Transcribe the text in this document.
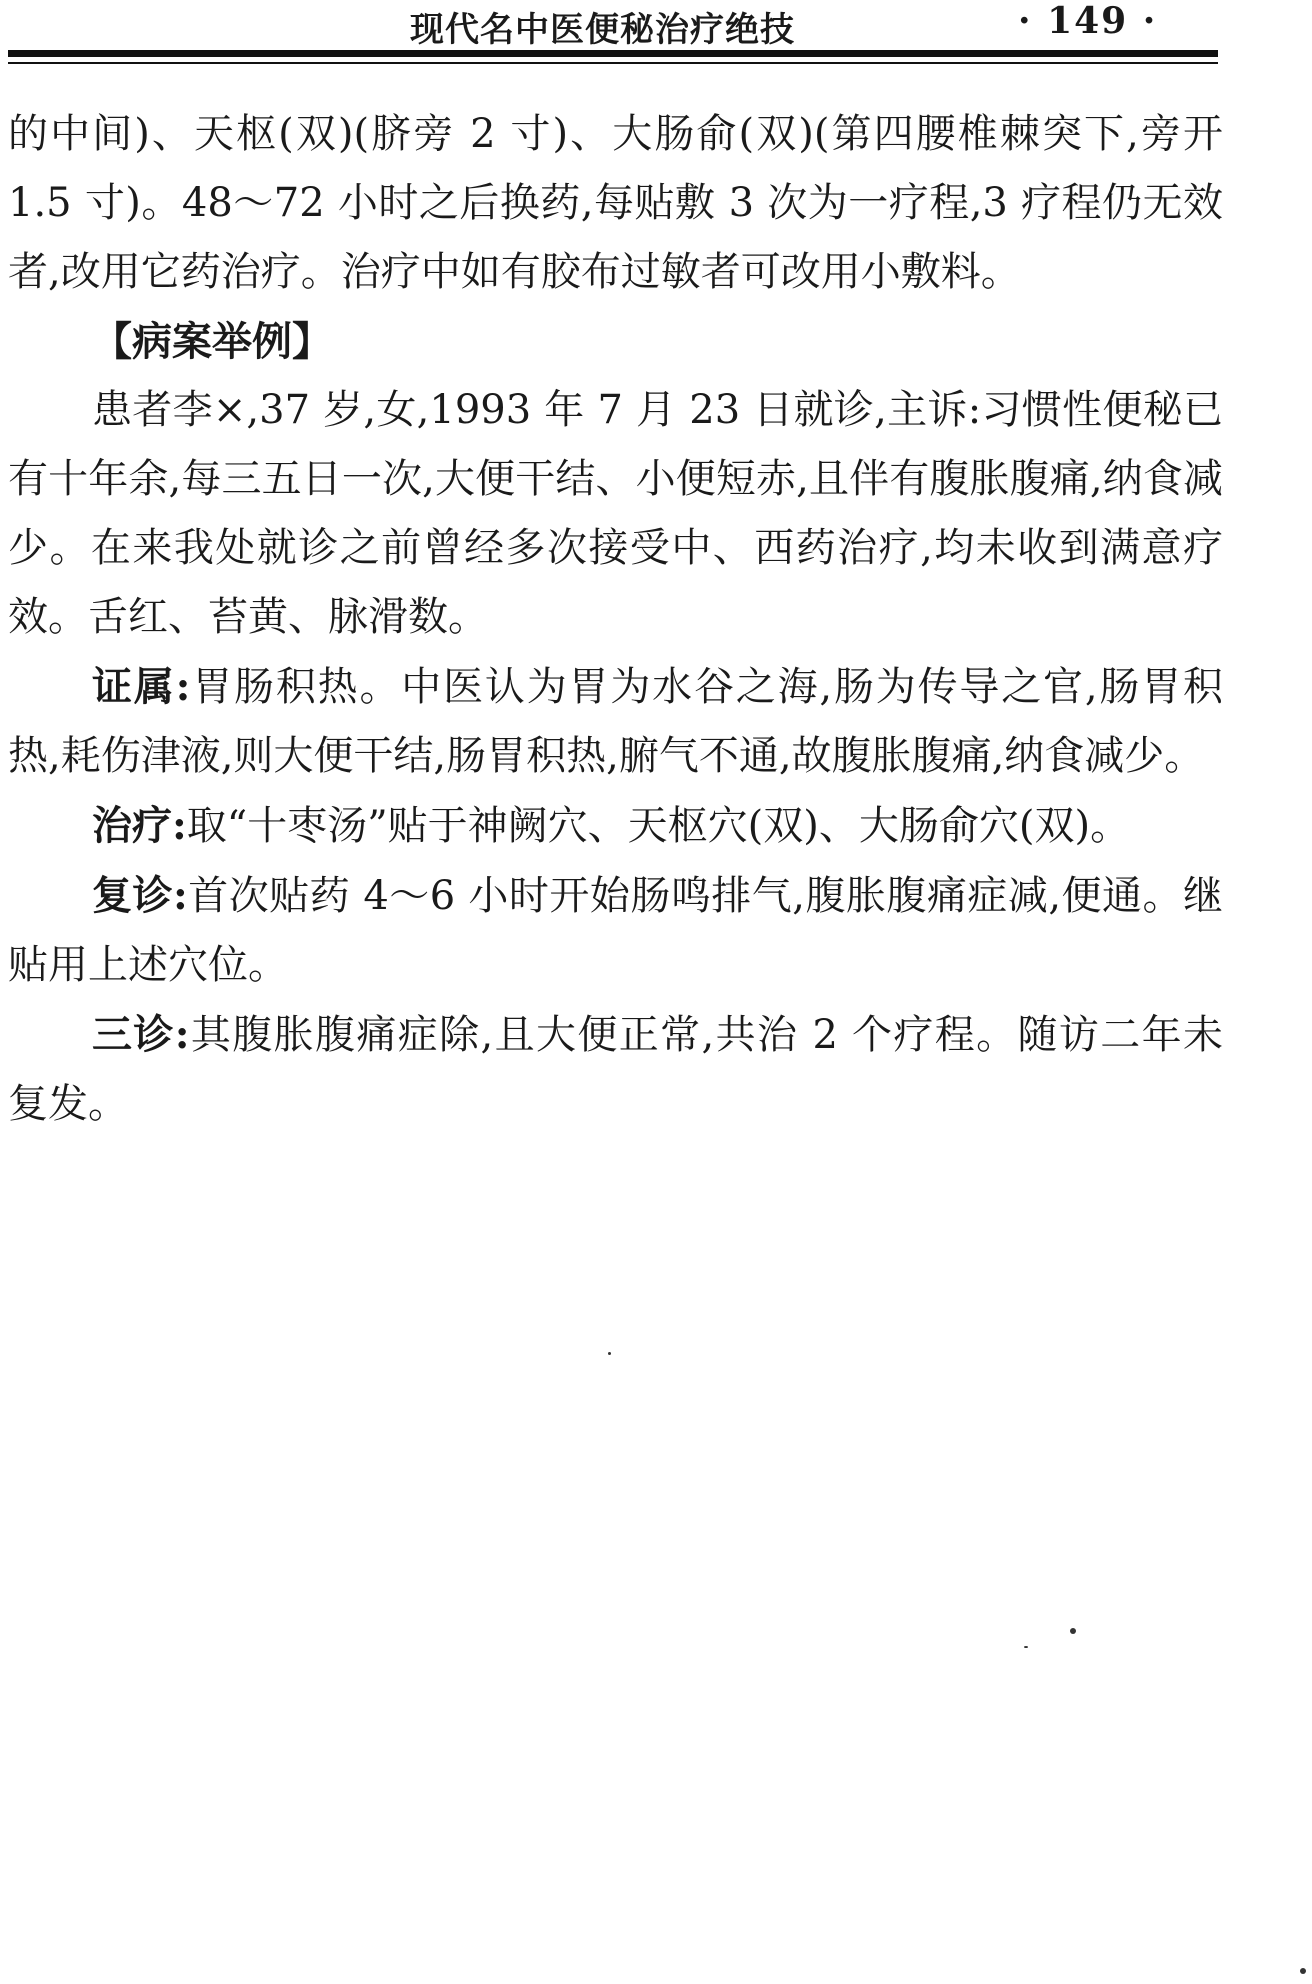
现代名中医便秘治疗绝技	· 149 ·

的中间)、天枢(双)(脐旁 2 寸)、大肠俞(双)(第四腰椎棘突下,旁开 1.5 寸)。48～72 小时之后换药,每贴敷 3 次为一疗程,3 疗程仍无效者,改用它药治疗。治疗中如有胶布过敏者可改用小敷料。

【病案举例】

患者李×,37 岁,女,1993 年 7 月 23 日就诊,主诉:习惯性便秘已有十年余,每三五日一次,大便干结、小便短赤,且伴有腹胀腹痛,纳食减少。在来我处就诊之前曾经多次接受中、西药治疗,均未收到满意疗效。舌红、苔黄、脉滑数。

证属:胃肠积热。中医认为胃为水谷之海,肠为传导之官,肠胃积热,耗伤津液,则大便干结,肠胃积热,腑气不通,故腹胀腹痛,纳食减少。

治疗:取“十枣汤”贴于神阙穴、天枢穴(双)、大肠俞穴(双)。

复诊:首次贴药 4～6 小时开始肠鸣排气,腹胀腹痛症减,便通。继贴用上述穴位。

三诊:其腹胀腹痛症除,且大便正常,共治 2 个疗程。随访二年未复发。
